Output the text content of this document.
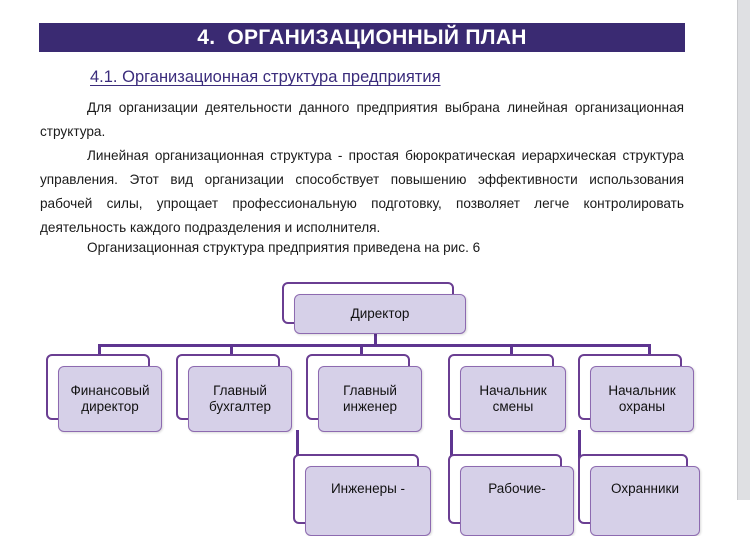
4. ОРГАНИЗАЦИОННЫЙ ПЛАН
4.1. Организационная структура предприятия

Для организации деятельности данного предприятия выбрана линейная организационная структура.

Линейная организационная структура - простая бюрократическая иерархическая структура управления. Этот вид организации способствует повышению эффективности использования рабочей силы, упрощает профессиональную подготовку, позволяет легче контролировать деятельность каждого подразделения и исполнителя.

Организационная структура предприятия приведена на рис. 6

Директор
Финансовый
директор
Главный
бухгалтер
Главный
инженер
Начальник
смены
Начальник
охраны
Инженеры -	Рабочие-	Охранники
